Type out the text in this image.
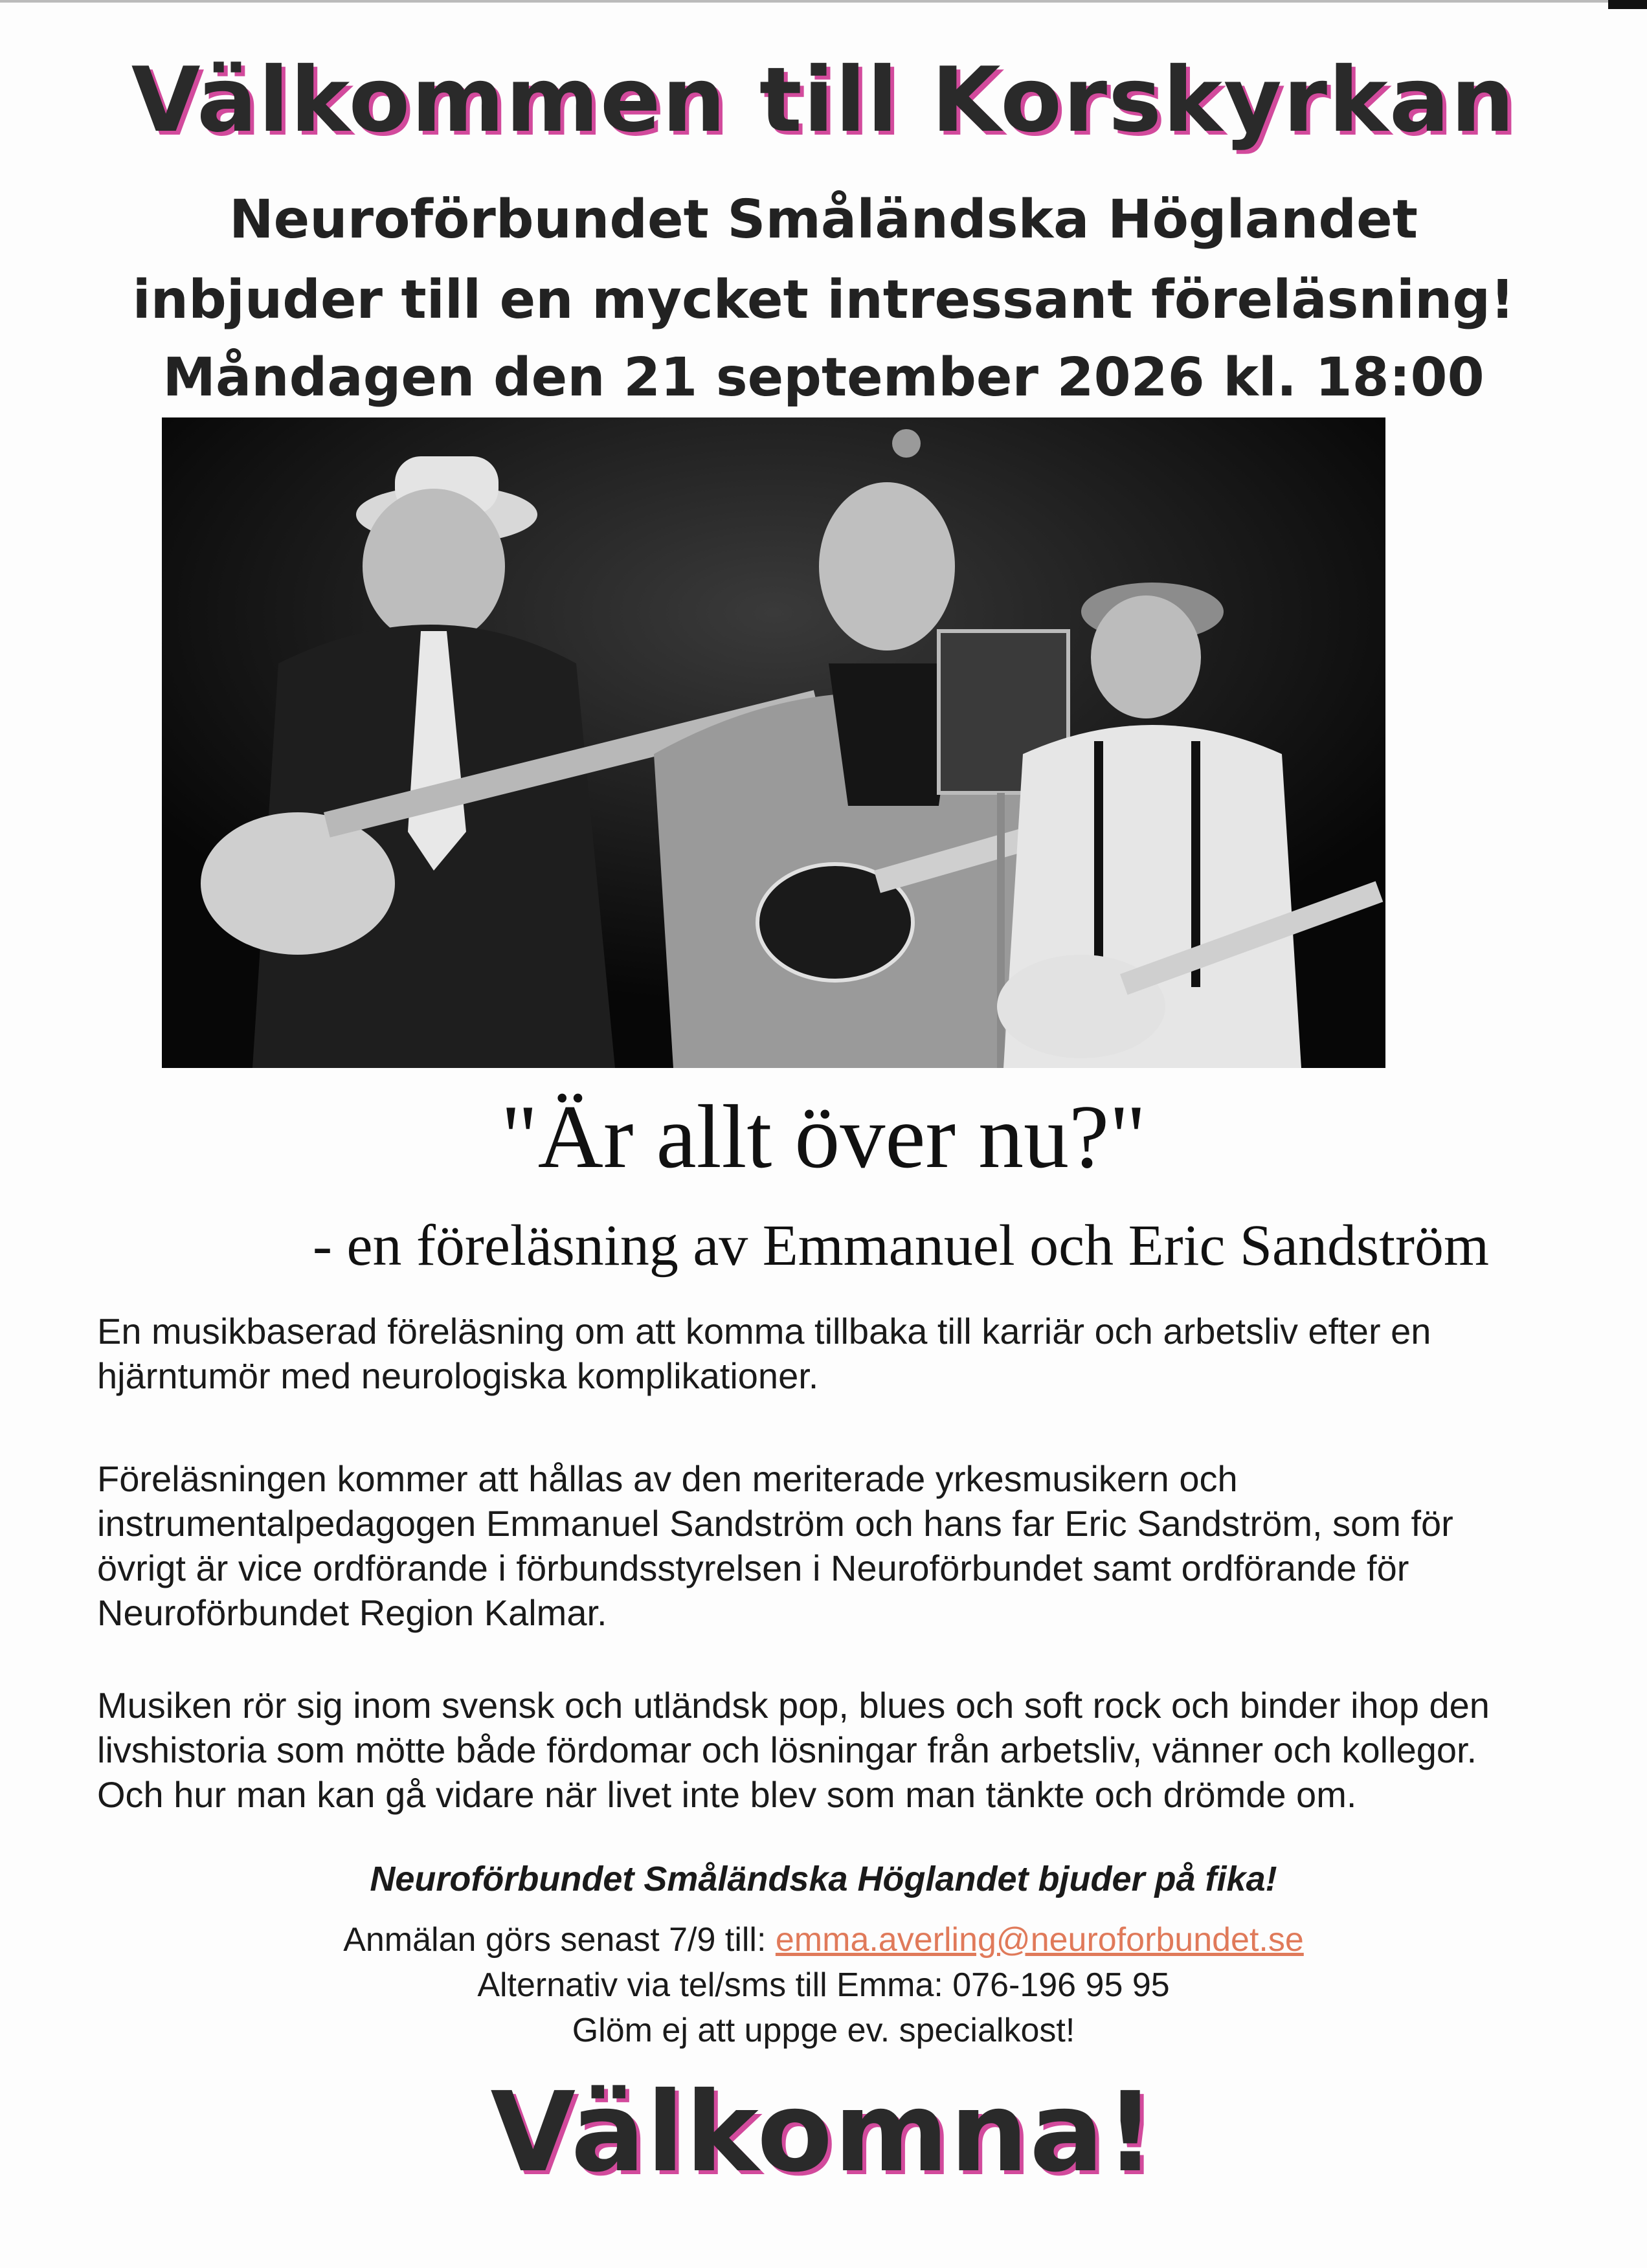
Välkommen till Korskyrkan
Neuroförbundet Småländska Höglandet
inbjuder till en mycket intressant föreläsning!
Måndagen den 21 september 2026 kl. 18:00
"Är allt över nu?"
- en föreläsning av Emmanuel och Eric Sandström
En musikbaserad föreläsning om att komma tillbaka till karriär och arbetsliv efter en hjärntumör med neurologiska komplikationer.
Föreläsningen kommer att hållas av den meriterade yrkesmusikern och instrumentalpedagogen Emmanuel Sandström och hans far Eric Sandström, som för övrigt är vice ordförande i förbundsstyrelsen i Neuroförbundet samt ordförande för Neuroförbundet Region Kalmar.
Musiken rör sig inom svensk och utländsk pop, blues och soft rock och binder ihop den livshistoria som mötte både fördomar och lösningar från arbetsliv, vänner och kollegor. Och hur man kan gå vidare när livet inte blev som man tänkte och drömde om.
Neuroförbundet Småländska Höglandet bjuder på fika!
Anmälan görs senast 7/9 till: emma.averling@neuroforbundet.se
Alternativ via tel/sms till Emma: 076-196 95 95
Glöm ej att uppge ev. specialkost!
Välkomna!
